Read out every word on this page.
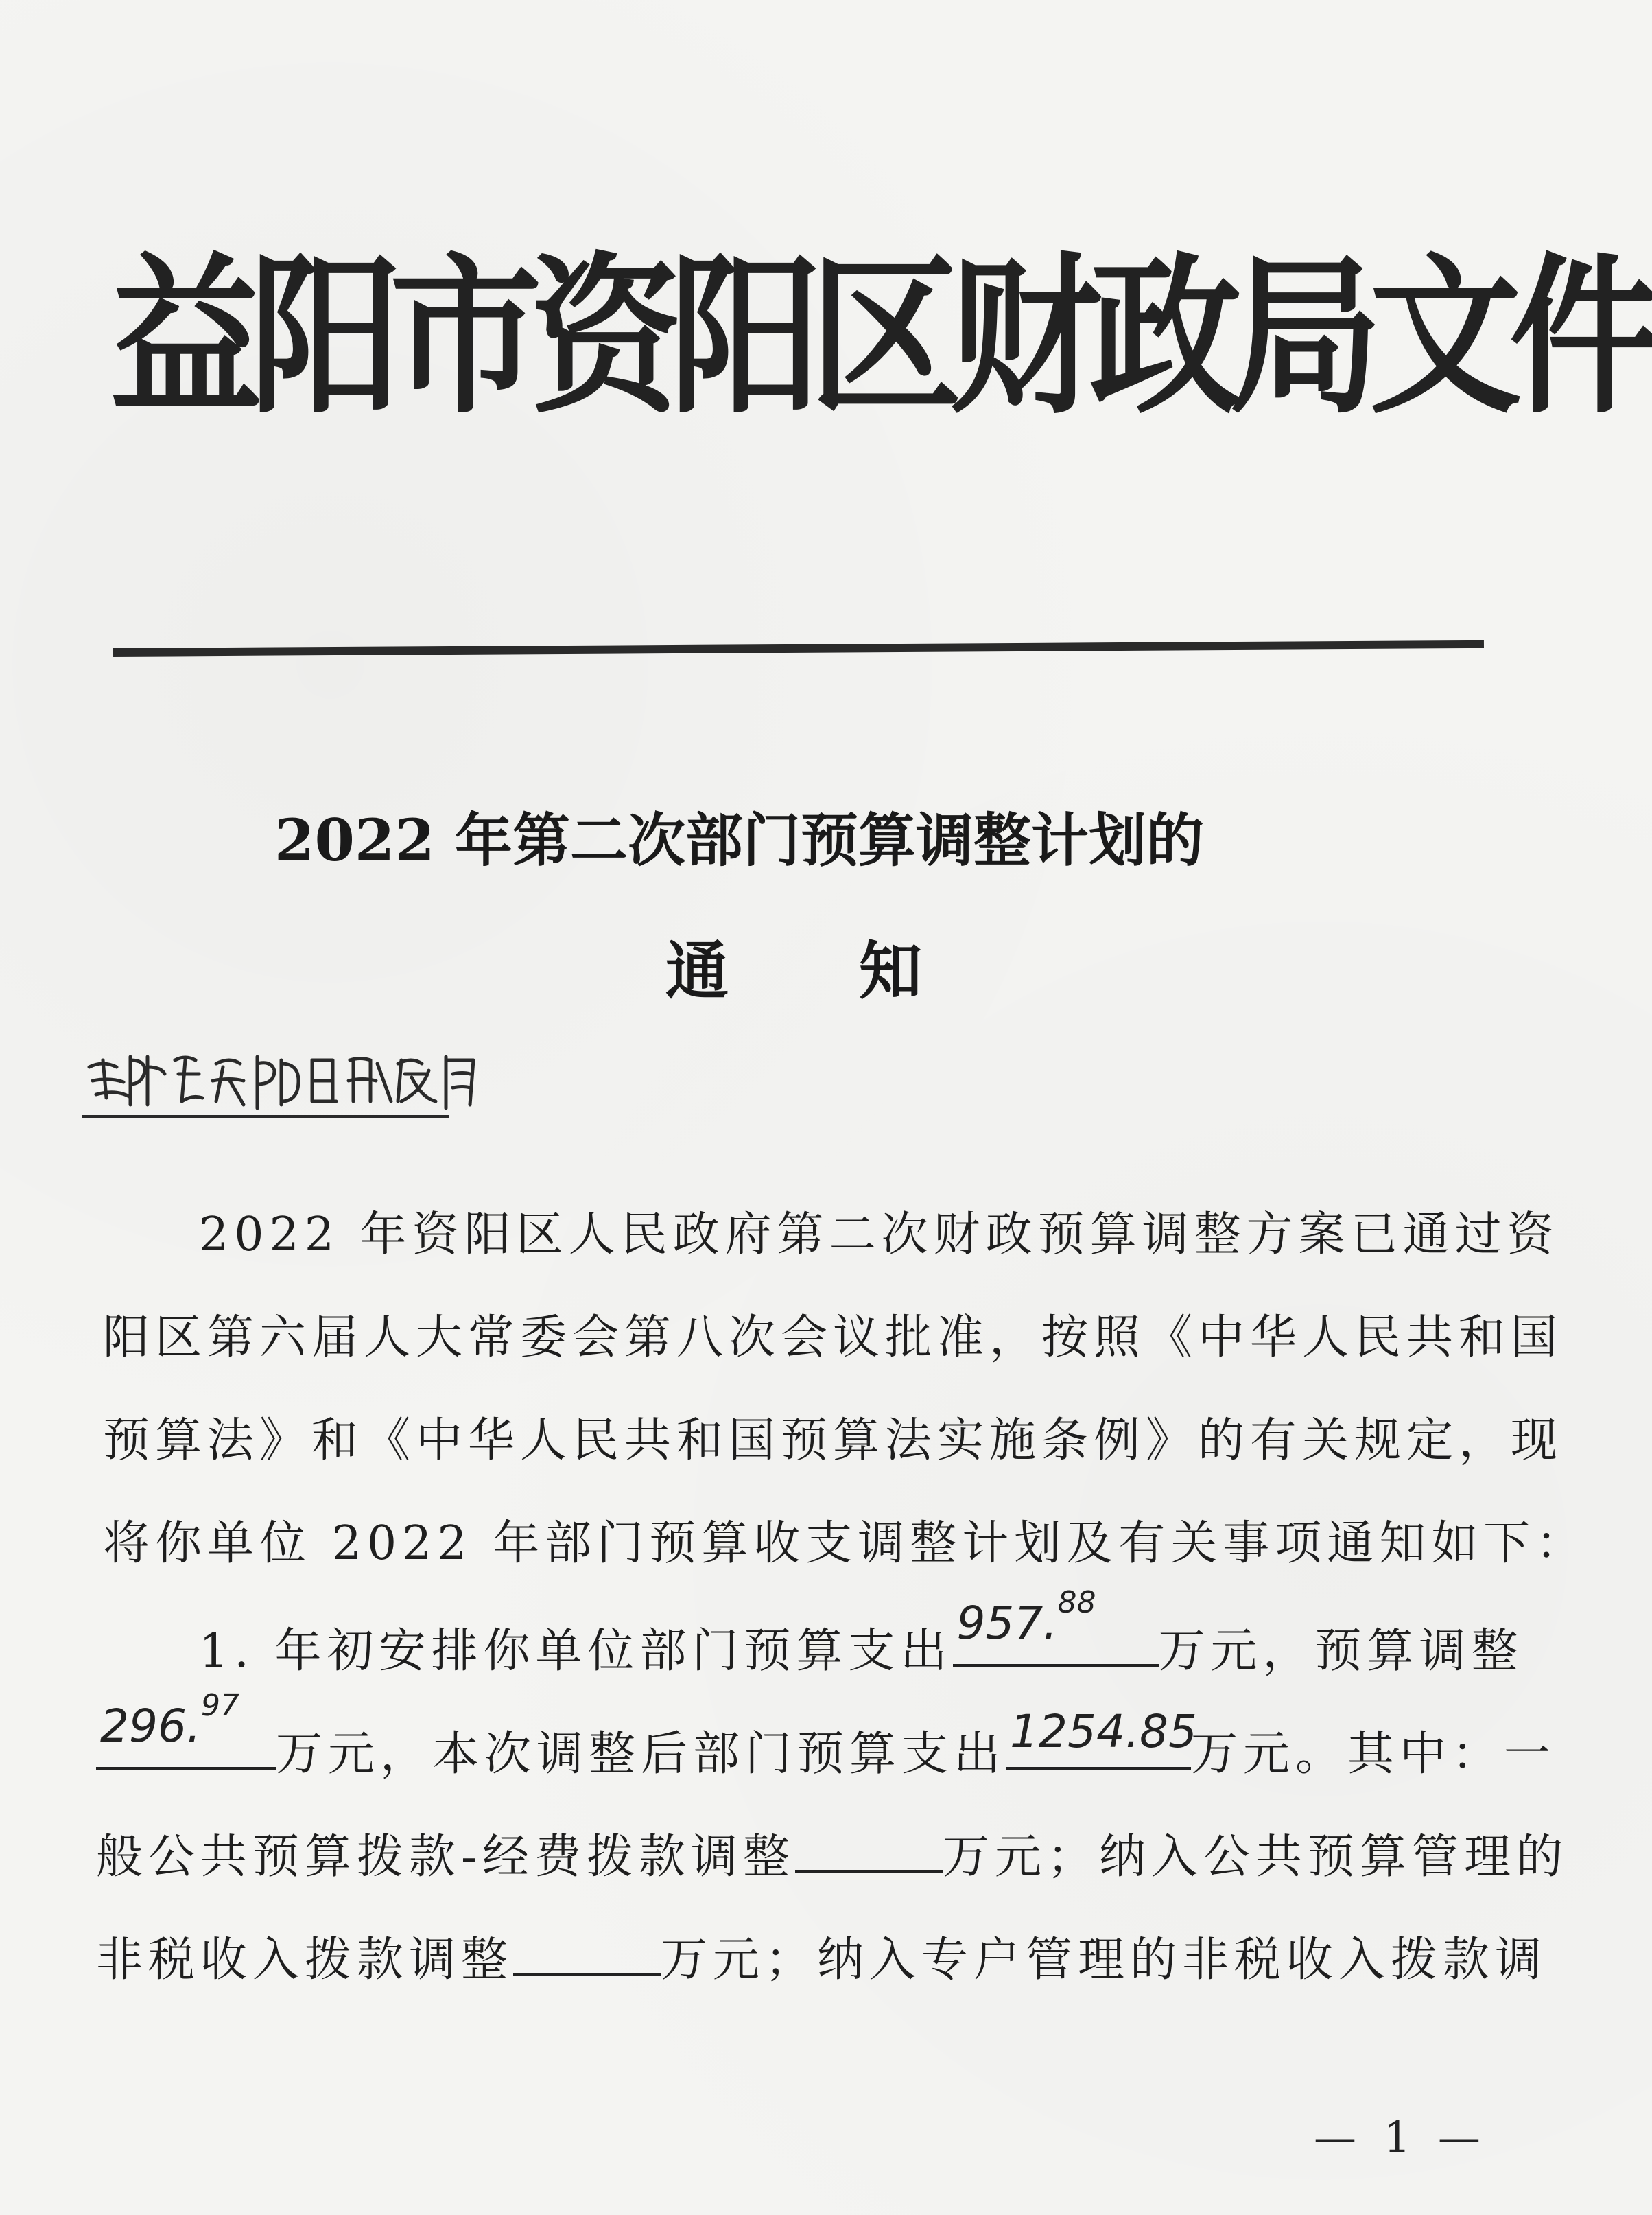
益阳市资阳区财政局文件
2022 年第二次部门预算调整计划的
通知
2022 年资阳区人民政府第二次财政预算调整方案已通过资
阳区第六届人大常委会第八次会议批准，按照《中华人民共和国
预算法》和《中华人民共和国预算法实施条例》的有关规定，现
将你单位 2022 年部门预算收支调整计划及有关事项通知如下：
1. 年初安排你单位部门预算支出
957.88
万元，预算调整
296.97
万元，本次调整后部门预算支出 1254.85
万元。其中：一
般公共预算拨款-经费拨款调整	万元；纳入公共预算管理的
非税收入拨款调整	万元；纳入专户管理的非税收入拨款调
— 1 —
